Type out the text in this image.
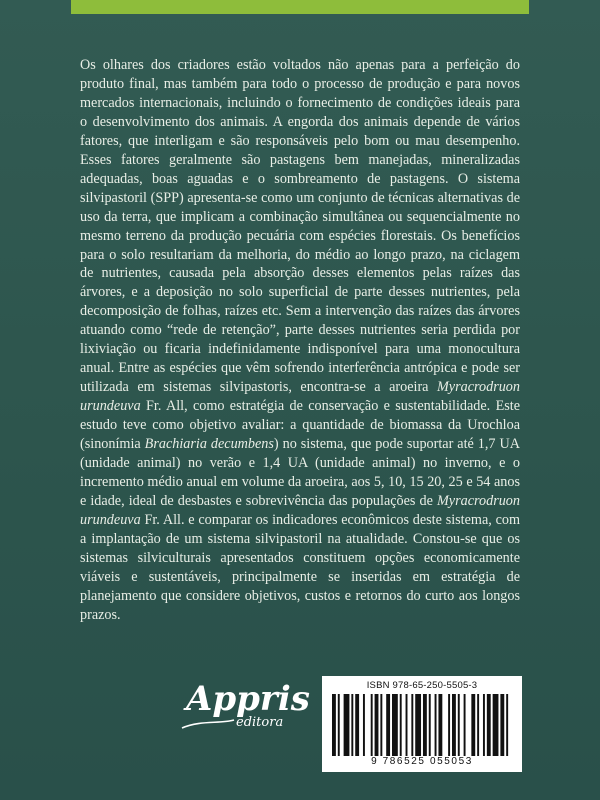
Os olhares dos criadores estão voltados não apenas para a perfeição do produto final, mas também para todo o processo de produção e para novos mercados internacionais, incluindo o fornecimento de condições ideais para o desenvolvimento dos animais. A engorda dos animais depende de vários fatores, que interligam e são responsáveis pelo bom ou mau desempenho. Esses fatores geralmente são pastagens bem manejadas, mineralizadas adequadas, boas aguadas e o sombreamento de pastagens. O sistema silvipastoril (SPP) apresenta-se como um conjunto de técnicas alternativas de uso da terra, que implicam a combinação simultânea ou sequencialmente no mesmo terreno da produção pecuária com espécies florestais. Os benefícios para o solo resultariam da melhoria, do médio ao longo prazo, na ciclagem de nutrientes, causada pela absorção desses elementos pelas raízes das árvores, e a deposição no solo superficial de parte desses nutrientes, pela decomposição de folhas, raízes etc. Sem a intervenção das raízes das árvores atuando como “rede de retenção”, parte desses nutrientes seria perdida por lixiviação ou ficaria indefinidamente indisponível para uma monocultura anual. Entre as espécies que vêm sofrendo interferência antrópica e pode ser utilizada em sistemas silvipastoris, encontra-se a aroeira Myracrodruon urundeuva Fr. All, como estratégia de conservação e sustentabilidade. Este estudo teve como objetivo avaliar: a quantidade de biomassa da Urochloa (sinonímia Brachiaria decumbens) no sistema, que pode suportar até 1,7 UA (unidade animal) no verão e 1,4 UA (unidade animal) no inverno, e o incremento médio anual em volume da aroeira, aos 5, 10, 15 20, 25 e 54 anos e idade, ideal de desbastes e sobrevivência das populações de Myracrodruon urundeuva Fr. All. e comparar os indicadores econômicos deste sistema, com a implantação de um sistema silvipastoril na atualidade. Constou-se que os sistemas silviculturais apresentados constituem opções economicamente viáveis e sustentáveis, principalmente se inseridas em estratégia de planejamento que considere objetivos, custos e retornos do curto aos longos prazos.

Appris
editora
ISBN 978-65-250-5505-3
9 786525 055053
